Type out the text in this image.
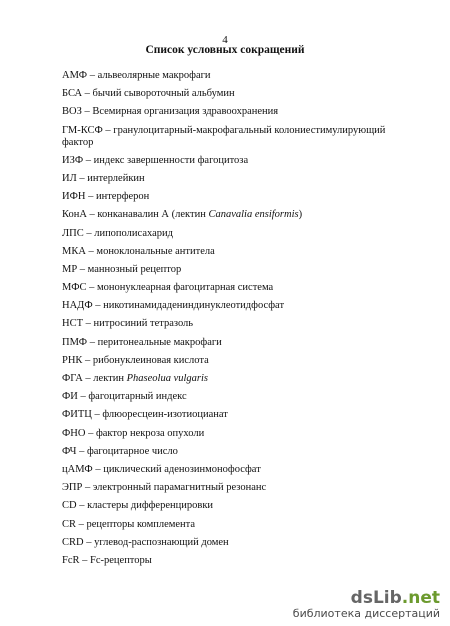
4
Список условных сокращений
АМФ – альвеолярные макрофаги
БСА – бычий сывороточный альбумин
ВОЗ – Всемирная организация здравоохранения
ГМ-КСФ – гранулоцитарный-макрофагальный колониестимулирующий фактор
ИЗФ – индекс завершенности фагоцитоза
ИЛ – интерлейкин
ИФН – интерферон
КонА – конканавалин А (лектин Canavalia ensiformis)
ЛПС – липополисахарид
МКА – моноклональные антитела
МР – маннозный рецептор
МФС – мононуклеарная фагоцитарная система
НАДФ – никотинамидадениндинуклеотидфосфат
НСТ – нитросиний тетразоль
ПМФ – перитонеальные макрофаги
РНК – рибонуклеиновая кислота
ФГА – лектин Phaseolua vulgaris
ФИ – фагоцитарный индекс
ФИТЦ – флюоресцеин-изотиоцианат
ФНО – фактор некроза опухоли
ФЧ – фагоцитарное число
цАМФ – циклический аденозинмонофосфат
ЭПР – электронный парамагнитный резонанс
CD – кластеры дифференцировки
CR – рецепторы комплемента
CRD – углевод-распознающий домен
FcR – Fc-рецепторы
dsLib.net
библиотека диссертаций
